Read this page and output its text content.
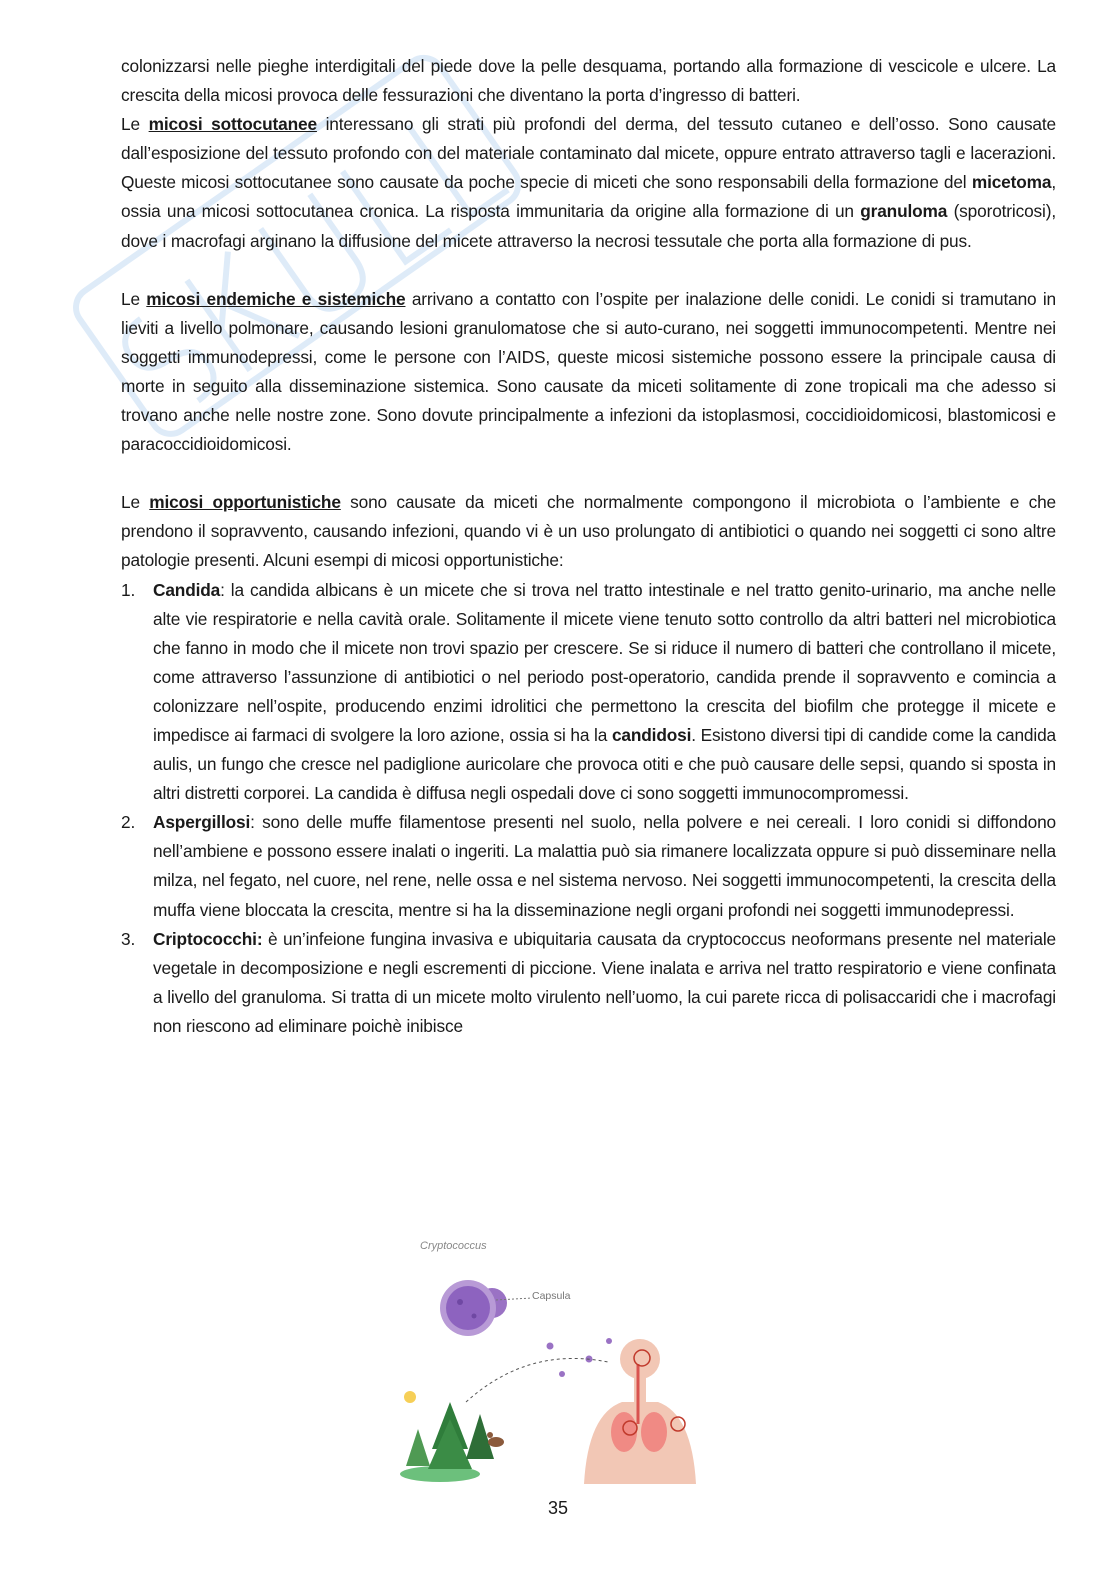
colonizzarsi nelle pieghe interdigitali del piede dove la pelle desquama, portando alla formazione di vescicole e ulcere. La crescita della micosi provoca delle fessurazioni che diventano la porta d’ingresso di batteri.

Le micosi sottocutanee interessano gli strati più profondi del derma, del tessuto cutaneo e dell’osso. Sono causate dall’esposizione del tessuto profondo con del materiale contaminato dal micete, oppure entrato attraverso tagli e lacerazioni. Queste micosi sottocutanee sono causate da poche specie di miceti che sono responsabili della formazione del micetoma, ossia una micosi sottocutanea cronica. La risposta immunitaria da origine alla formazione di un granuloma (sporotricosi), dove i macrofagi arginano la diffusione del micete attraverso la necrosi tessutale che porta alla formazione di pus.

Le micosi endemiche e sistemiche arrivano a contatto con l’ospite per inalazione delle conidi. Le conidi si tramutano in lieviti a livello polmonare, causando lesioni granulomatose che si auto-curano, nei soggetti immunocompetenti. Mentre nei soggetti immunodepressi, come le persone con l’AIDS, queste micosi sistemiche possono essere la principale causa di morte in seguito alla disseminazione sistemica. Sono causate da miceti solitamente di zone tropicali ma che adesso si trovano anche nelle nostre zone. Sono dovute principalmente a infezioni da istoplasmosi, coccidioidomicosi, blastomicosi e paracoccidioidomicosi.

Le micosi opportunistiche sono causate da miceti che normalmente compongono il microbiota o l’ambiente e che prendono il sopravvento, causando infezioni, quando vi è un uso prolungato di antibiotici o quando nei soggetti ci sono altre patologie presenti. Alcuni esempi di micosi opportunistiche:

1. Candida: la candida albicans è un micete che si trova nel tratto intestinale e nel tratto genito-urinario, ma anche nelle alte vie respiratorie e nella cavità orale. Solitamente il micete viene tenuto sotto controllo da altri batteri nel microbiotica che fanno in modo che il micete non trovi spazio per crescere. Se si riduce il numero di batteri che controllano il micete, come attraverso l’assunzione di antibiotici o nel periodo post-operatorio, candida prende il sopravvento e comincia a colonizzare nell’ospite, producendo enzimi idrolitici che permettono la crescita del biofilm che protegge il micete e impedisce ai farmaci di svolgere la loro azione, ossia si ha la candidosi. Esistono diversi tipi di candide come la candida aulis, un fungo che cresce nel padiglione auricolare che provoca otiti e che può causare delle sepsi, quando si sposta in altri distretti corporei. La candida è diffusa negli ospedali dove ci sono soggetti immunocompromessi.
2. Aspergillosi: sono delle muffe filamentose presenti nel suolo, nella polvere e nei cereali. I loro conidi si diffondono nell’ambiene e possono essere inalati o ingeriti. La malattia può sia rimanere localizzata oppure si può disseminare nella milza, nel fegato, nel cuore, nel rene, nelle ossa e nel sistema nervoso. Nei soggetti immunocompetenti, la crescita della muffa viene bloccata la crescita, mentre si ha la disseminazione negli organi profondi nei soggetti immunodepressi.
3. Criptococchi: è un’infeione fungina invasiva e ubiquitaria causata da cryptococcus neoformans presente nel materiale vegetale in decomposizione e negli escrementi di piccione. Viene inalata e arriva nel tratto respiratorio e viene confinata a livello del granuloma. Si tratta di un micete molto virulento nell’uomo, la cui parete ricca di polisaccaridi che i macrofagi non riescono ad eliminare poichè inibisce
Cryptococcus
Capsula
35
